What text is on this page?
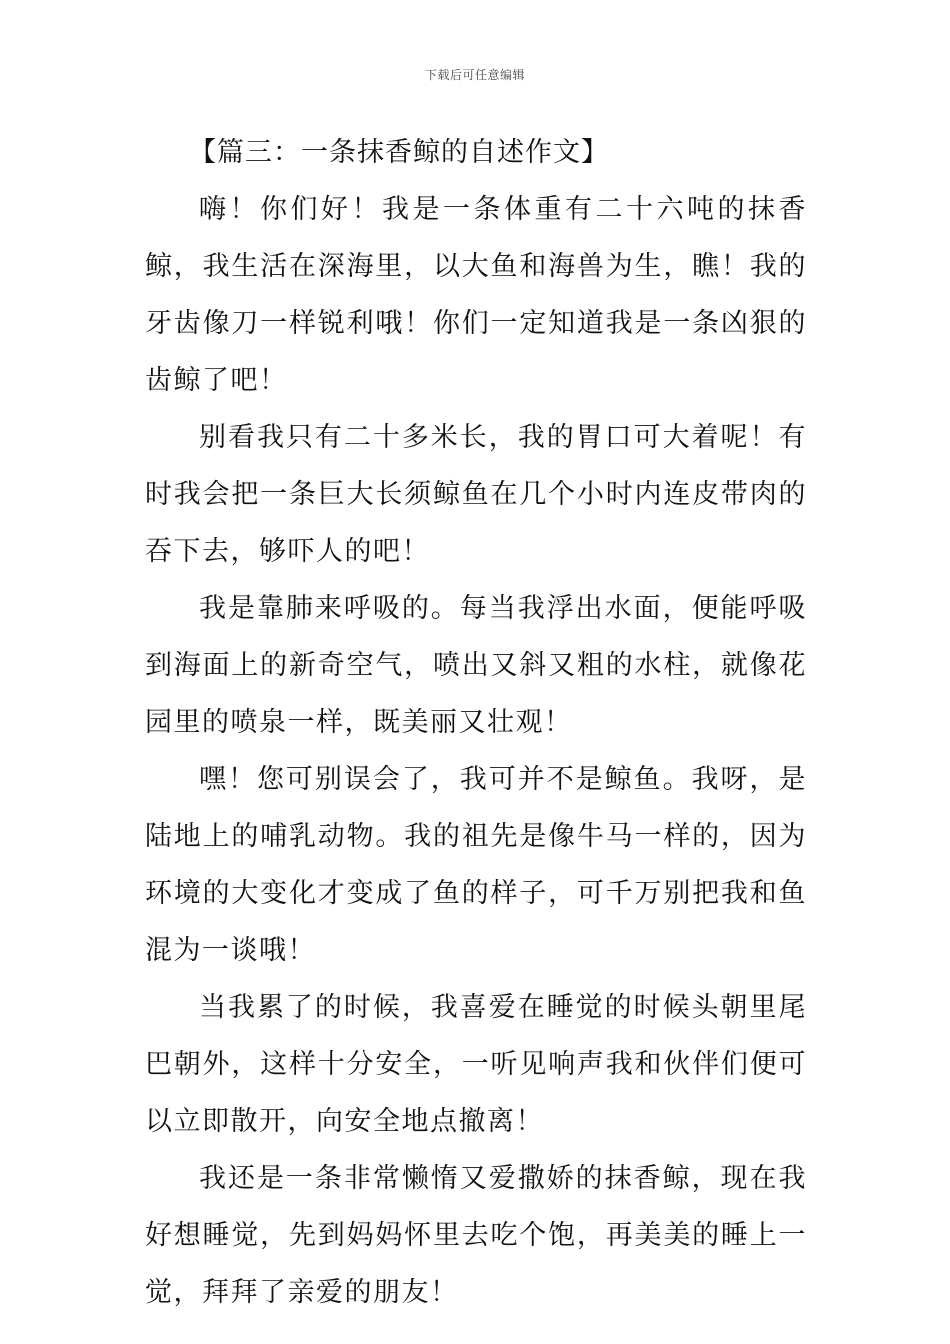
下载后可任意编辑
【篇三：一条抹香鲸的自述作文】

嗨！你们好！我是一条体重有二十六吨的抹香鲸，我生活在深海里，以大鱼和海兽为生，瞧！我的牙齿像刀一样锐利哦！你们一定知道我是一条凶狠的齿鲸了吧！

别看我只有二十多米长，我的胃口可大着呢！有时我会把一条巨大长须鲸鱼在几个小时内连皮带肉的吞下去，够吓人的吧！

我是靠肺来呼吸的。每当我浮出水面，便能呼吸到海面上的新奇空气，喷出又斜又粗的水柱，就像花园里的喷泉一样，既美丽又壮观！

嘿！您可别误会了，我可并不是鲸鱼。我呀，是陆地上的哺乳动物。我的祖先是像牛马一样的，因为环境的大变化才变成了鱼的样子，可千万别把我和鱼混为一谈哦！

当我累了的时候，我喜爱在睡觉的时候头朝里尾巴朝外，这样十分安全，一听见响声我和伙伴们便可以立即散开，向安全地点撤离！

我还是一条非常懒惰又爱撒娇的抹香鲸，现在我好想睡觉，先到妈妈怀里去吃个饱，再美美的睡上一觉，拜拜了亲爱的朋友！
